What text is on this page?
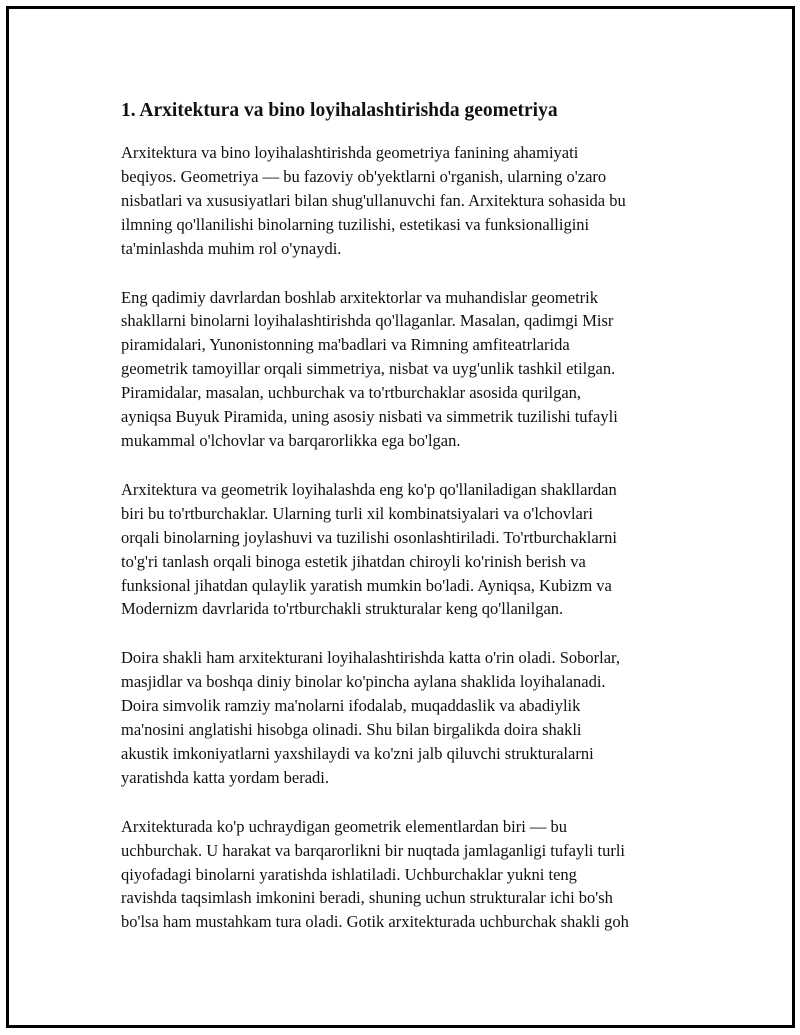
1. Arxitektura va bino loyihalashtirishda geometriya

Arxitektura va bino loyihalashtirishda geometriya fanining ahamiyati
beqiyos. Geometriya — bu fazoviy ob'yektlarni o'rganish, ularning o'zaro
nisbatlari va xususiyatlari bilan shug'ullanuvchi fan. Arxitektura sohasida bu
ilmning qo'llanilishi binolarning tuzilishi, estetikasi va funksionalligini
ta'minlashda muhim rol o'ynaydi.

Eng qadimiy davrlardan boshlab arxitektorlar va muhandislar geometrik
shakllarni binolarni loyihalashtirishda qo'llaganlar. Masalan, qadimgi Misr
piramidalari, Yunonistonning ma'badlari va Rimning amfiteatrlarida
geometrik tamoyillar orqali simmetriya, nisbat va uyg'unlik tashkil etilgan.
Piramidalar, masalan, uchburchak va to'rtburchaklar asosida qurilgan,
ayniqsa Buyuk Piramida, uning asosiy nisbati va simmetrik tuzilishi tufayli
mukammal o'lchovlar va barqarorlikka ega bo'lgan.

Arxitektura va geometrik loyihalashda eng ko'p qo'llaniladigan shakllardan
biri bu to'rtburchaklar. Ularning turli xil kombinatsiyalari va o'lchovlari
orqali binolarning joylashuvi va tuzilishi osonlashtiriladi. To'rtburchaklarni
to'g'ri tanlash orqali binoga estetik jihatdan chiroyli ko'rinish berish va
funksional jihatdan qulaylik yaratish mumkin bo'ladi. Ayniqsa, Kubizm va
Modernizm davrlarida to'rtburchakli strukturalar keng qo'llanilgan.

Doira shakli ham arxitekturani loyihalashtirishda katta o'rin oladi. Soborlar,
masjidlar va boshqa diniy binolar ko'pincha aylana shaklida loyihalanadi.
Doira simvolik ramziy ma'nolarni ifodalab, muqaddaslik va abadiylik
ma'nosini anglatishi hisobga olinadi. Shu bilan birgalikda doira shakli
akustik imkoniyatlarni yaxshilaydi va ko'zni jalb qiluvchi strukturalarni
yaratishda katta yordam beradi.

Arxitekturada ko'p uchraydigan geometrik elementlardan biri — bu
uchburchak. U harakat va barqarorlikni bir nuqtada jamlaganligi tufayli turli
qiyofadagi binolarni yaratishda ishlatiladi. Uchburchaklar yukni teng
ravishda taqsimlash imkonini beradi, shuning uchun strukturalar ichi bo'sh
bo'lsa ham mustahkam tura oladi. Gotik arxitekturada uchburchak shakli goh
